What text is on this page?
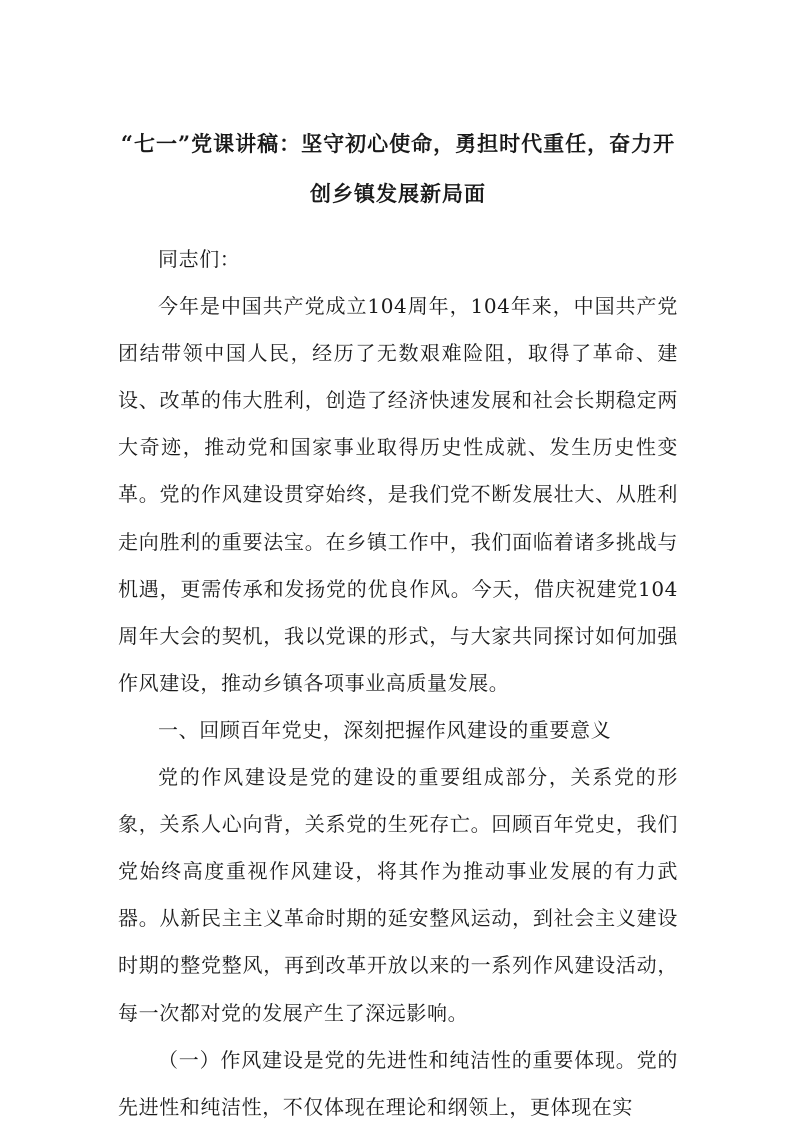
“七一”党课讲稿：坚守初心使命，勇担时代重任，奋力开
创乡镇发展新局面

同志们：

今年是中国共产党成立104周年，104年来，中国共产党团结带领中国人民，经历了无数艰难险阻，取得了革命、建设、改革的伟大胜利，创造了经济快速发展和社会长期稳定两大奇迹，推动党和国家事业取得历史性成就、发生历史性变革。党的作风建设贯穿始终，是我们党不断发展壮大、从胜利走向胜利的重要法宝。在乡镇工作中，我们面临着诸多挑战与机遇，更需传承和发扬党的优良作风。今天，借庆祝建党104周年大会的契机，我以党课的形式，与大家共同探讨如何加强作风建设，推动乡镇各项事业高质量发展。

一、回顾百年党史，深刻把握作风建设的重要意义

党的作风建设是党的建设的重要组成部分，关系党的形象，关系人心向背，关系党的生死存亡。回顾百年党史，我们党始终高度重视作风建设，将其作为推动事业发展的有力武器。从新民主主义革命时期的延安整风运动，到社会主义建设时期的整党整风，再到改革开放以来的一系列作风建设活动，每一次都对党的发展产生了深远影响。

（一）作风建设是党的先进性和纯洁性的重要体现。党的先进性和纯洁性，不仅体现在理论和纲领上，更体现在实
